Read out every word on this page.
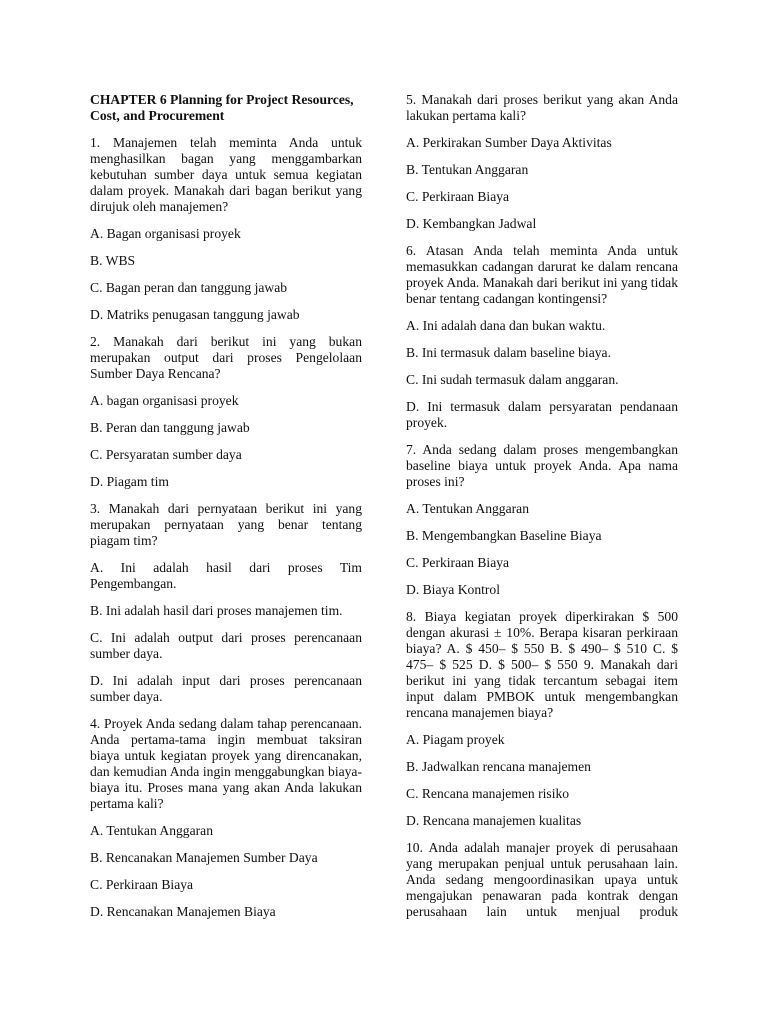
CHAPTER 6 Planning for Project Resources, Cost, and Procurement
1. Manajemen telah meminta Anda untuk menghasilkan bagan yang menggambarkan kebutuhan sumber daya untuk semua kegiatan dalam proyek. Manakah dari bagan berikut yang dirujuk oleh manajemen?
A. Bagan organisasi proyek
B. WBS
C. Bagan peran dan tanggung jawab
D. Matriks penugasan tanggung jawab
2. Manakah dari berikut ini yang bukan merupakan output dari proses Pengelolaan Sumber Daya Rencana?
A. bagan organisasi proyek
B. Peran dan tanggung jawab
C. Persyaratan sumber daya
D. Piagam tim
3. Manakah dari pernyataan berikut ini yang merupakan pernyataan yang benar tentang piagam tim?
A. Ini adalah hasil dari proses Tim Pengembangan.
B. Ini adalah hasil dari proses manajemen tim.
C. Ini adalah output dari proses perencanaan sumber daya.
D. Ini adalah input dari proses perencanaan sumber daya.
4. Proyek Anda sedang dalam tahap perencanaan. Anda pertama-tama ingin membuat taksiran biaya untuk kegiatan proyek yang direncanakan, dan kemudian Anda ingin menggabungkan biaya-biaya itu. Proses mana yang akan Anda lakukan pertama kali?
A. Tentukan Anggaran
B. Rencanakan Manajemen Sumber Daya
C. Perkiraan Biaya
D. Rencanakan Manajemen Biaya
5. Manakah dari proses berikut yang akan Anda lakukan pertama kali?
A. Perkirakan Sumber Daya Aktivitas
B. Tentukan Anggaran
C. Perkiraan Biaya
D. Kembangkan Jadwal
6. Atasan Anda telah meminta Anda untuk memasukkan cadangan darurat ke dalam rencana proyek Anda. Manakah dari berikut ini yang tidak benar tentang cadangan kontingensi?
A. Ini adalah dana dan bukan waktu.
B. Ini termasuk dalam baseline biaya.
C. Ini sudah termasuk dalam anggaran.
D. Ini termasuk dalam persyaratan pendanaan proyek.
7. Anda sedang dalam proses mengembangkan baseline biaya untuk proyek Anda. Apa nama proses ini?
A. Tentukan Anggaran
B. Mengembangkan Baseline Biaya
C. Perkiraan Biaya
D. Biaya Kontrol
8. Biaya kegiatan proyek diperkirakan $ 500 dengan akurasi ± 10%. Berapa kisaran perkiraan biaya? A. $ 450– $ 550 B. $ 490– $ 510 C. $ 475– $ 525 D. $ 500– $ 550 9. Manakah dari berikut ini yang tidak tercantum sebagai item input dalam PMBOK untuk mengembangkan rencana manajemen biaya?
A. Piagam proyek
B. Jadwalkan rencana manajemen
C. Rencana manajemen risiko
D. Rencana manajemen kualitas
10. Anda adalah manajer proyek di perusahaan yang merupakan penjual untuk perusahaan lain. Anda sedang mengoordinasikan upaya untuk mengajukan penawaran pada kontrak dengan perusahaan lain untuk menjual produk
